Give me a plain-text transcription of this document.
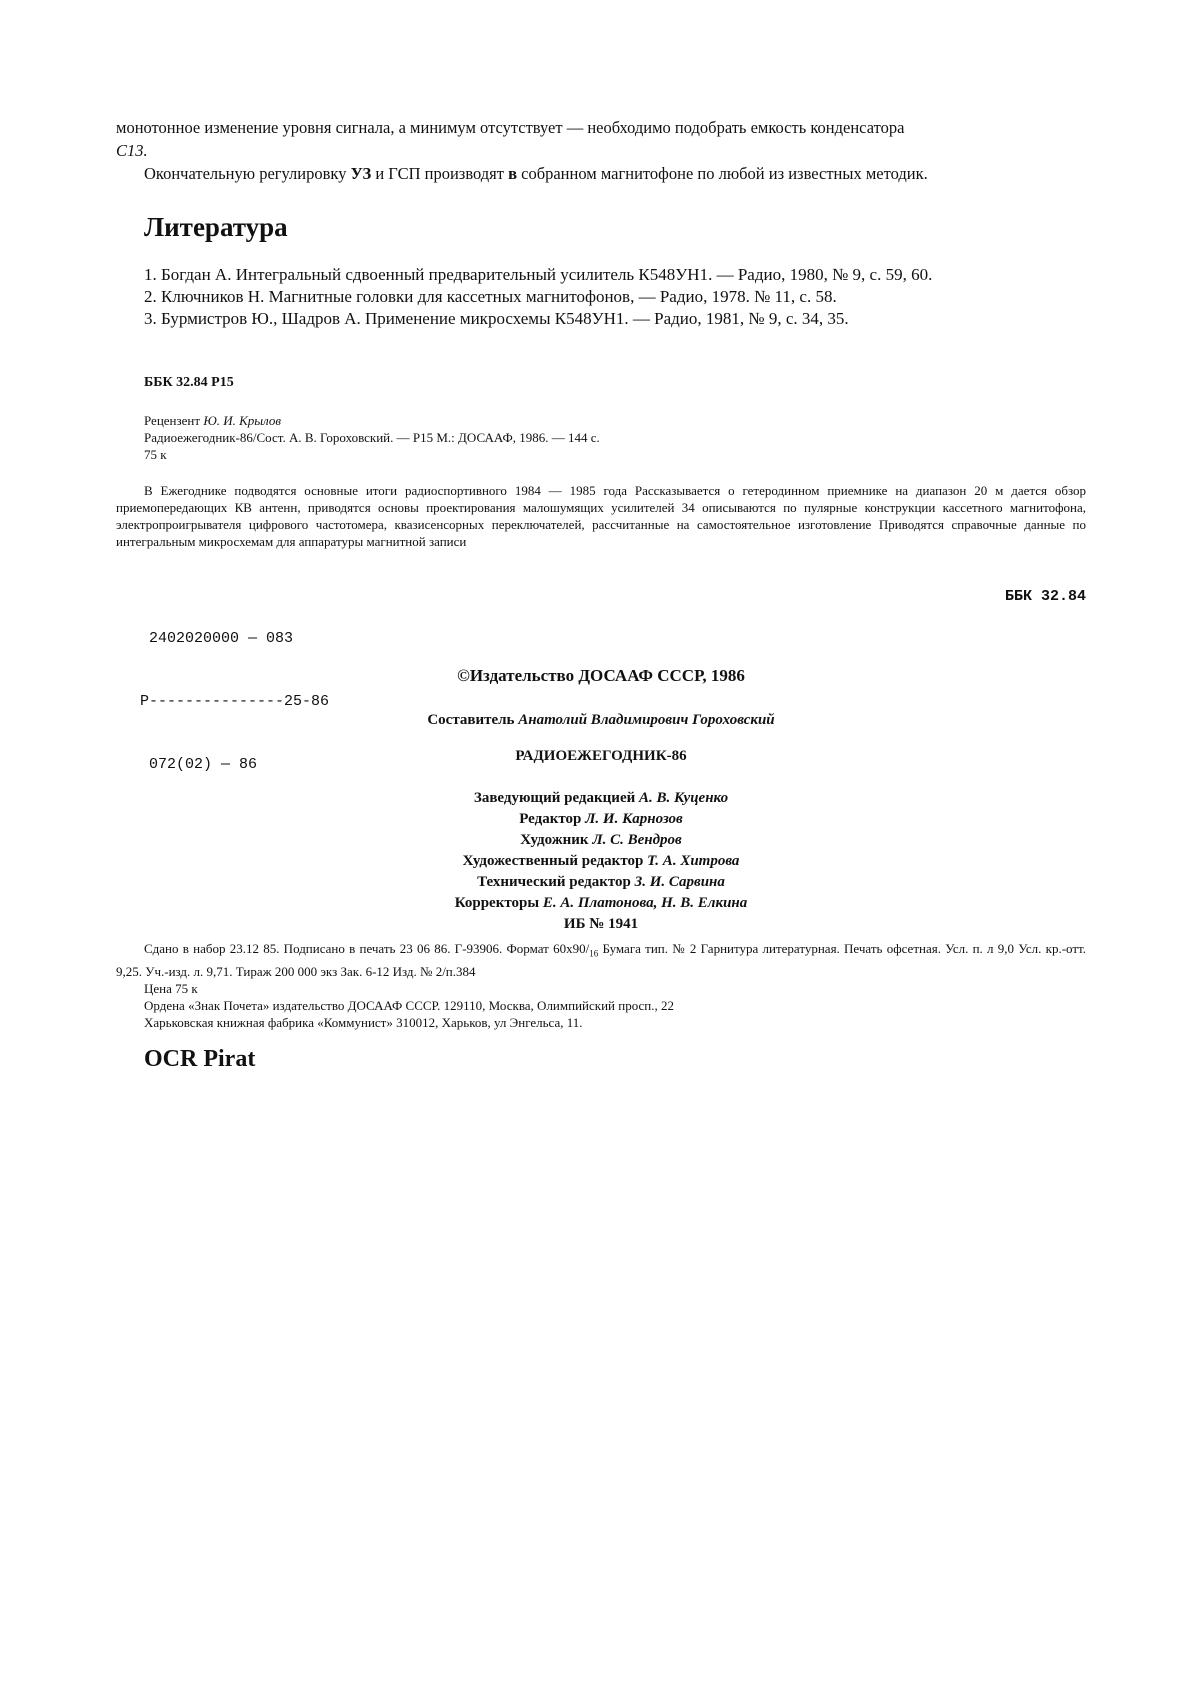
монотонное изменение уровня сигнала, а минимум отсутствует — необходимо подобрать емкость конденсатора
С13.

Окончательную регулировку УЗ и ГСП производят в собранном магнитофоне по любой из известных методик.

Литература

1. Богдан А. Интегральный сдвоенный предварительный усилитель К548УН1. — Радио, 1980, № 9, с. 59, 60.

2. Ключников Н. Магнитные головки для кассетных магнитофонов, — Радио, 1978. № 11, с. 58.

3. Бурмистров Ю., Шадров А. Применение микросхемы К548УН1. — Радио, 1981, № 9, с. 34, 35.

ББК 32.84 Р15

Рецензент Ю. И. Крылов

Радиоежегодник-86/Сост. А. В. Гороховский. — Р15 М.: ДОСААФ, 1986. — 144 с.

75 к

В Ежегоднике подводятся основные итоги радиоспортивного 1984 — 1985 года Рассказывается о гетеродинном приемнике на диапазон 20 м дается обзор приемопередающих КВ антенн, приводятся основы проектирования малошумящих усилителей 34 описываются по пулярные конструкции кассетного магнитофона, электропроигрывателя цифрового частотомера, квазисенсорных переключателей, рассчитанные на самостоятельное изготовление Приводятся справочные данные по интегральным микросхемам для аппаратуры магнитной записи

2402020000 — 083

Р---------------25-86

072(02) — 86

ББК 32.84
©Издательство ДОСААФ СССР, 1986
Составитель Анатолий Владимирович Гороховский
РАДИОЕЖЕГОДНИК-86

Заведующий редакцией А. В. Куценко

Редактор Л. И. Карнозов

Художник Л. С. Вендров

Художественный редактор Т. А. Хитрова

Технический редактор З. И. Сарвина

Корректоры Е. А. Платонова, Н. В. Елкина

ИБ № 1941

Сдано в набор 23.12 85. Подписано в печать 23 06 86. Г-93906. Формат $60х90/_{16}$ Бумага тип. № 2 Гарнитура литературная. Печать офсетная. Усл. п. л 9,0 Усл. кр.-отт. 9,25. Уч.-изд. л. 9,71. Тираж 200 000 экз Зак. 6-12 Изд. № 2/п.384

Цена 75 к

Ордена «Знак Почета» издательство ДОСААФ СССР. 129110, Москва, Олимпийский просп., 22

Харьковская книжная фабрика «Коммунист» 310012, Харьков, ул Энгельса, 11.

OCR Pirat
